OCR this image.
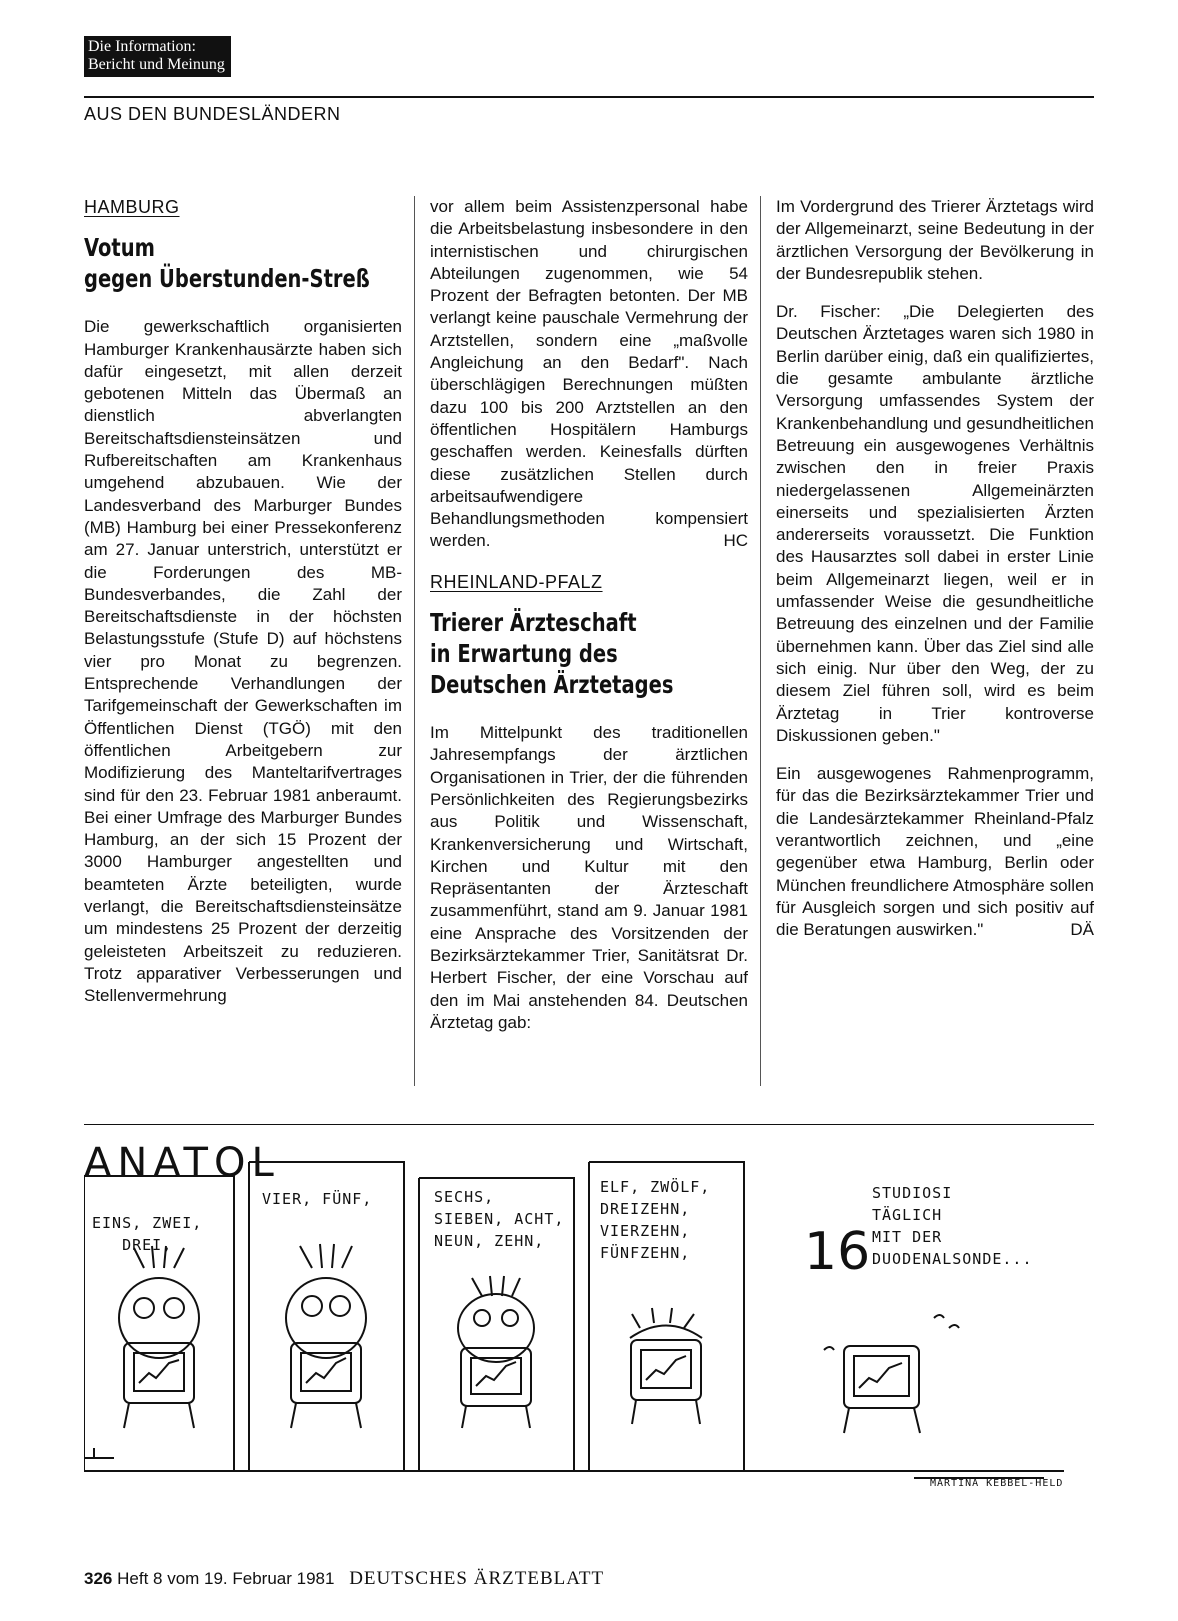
Die Information:
Bericht und Meinung
AUS DEN BUNDESLÄNDERN
HAMBURG
Votum
gegen Überstunden-Streß

Die gewerkschaftlich organisierten Hamburger Krankenhausärzte haben sich dafür eingesetzt, mit allen derzeit gebotenen Mitteln das Übermaß an dienstlich abverlangten Bereitschaftsdiensteinsätzen und Rufbereitschaften am Krankenhaus umgehend abzubauen. Wie der Landesverband des Marburger Bundes (MB) Hamburg bei einer Pressekonferenz am 27. Januar unterstrich, unterstützt er die Forderungen des MB-Bundesverbandes, die Zahl der Bereitschaftsdienste in der höchsten Belastungsstufe (Stufe D) auf höchstens vier pro Monat zu begrenzen. Entsprechende Verhandlungen der Tarifgemeinschaft der Gewerkschaften im Öffentlichen Dienst (TGÖ) mit den öffentlichen Arbeitgebern zur Modifizierung des Manteltarifvertrages sind für den 23. Februar 1981 anberaumt. Bei einer Umfrage des Marburger Bundes Hamburg, an der sich 15 Prozent der 3000 Hamburger angestellten und beamteten Ärzte beteiligten, wurde verlangt, die Bereitschaftsdiensteinsätze um mindestens 25 Prozent der derzeitig geleisteten Arbeitszeit zu reduzieren. Trotz apparativer Verbesserungen und Stellenvermehrung

vor allem beim Assistenzpersonal habe die Arbeitsbelastung insbesondere in den internistischen und chirurgischen Abteilungen zugenommen, wie 54 Prozent der Befragten betonten. Der MB verlangt keine pauschale Vermehrung der Arztstellen, sondern eine „maßvolle Angleichung an den Bedarf". Nach überschlägigen Berechnungen müßten dazu 100 bis 200 Arztstellen an den öffentlichen Hospitälern Hamburgs geschaffen werden. Keinesfalls dürften diese zusätzlichen Stellen durch arbeitsaufwendigere Behandlungsmethoden kompensiert werden.	HC

RHEINLAND-PFALZ
Trierer Ärzteschaft
in Erwartung des
Deutschen Ärztetages

Im Mittelpunkt des traditionellen Jahresempfangs der ärztlichen Organisationen in Trier, der die führenden Persönlichkeiten des Regierungsbezirks aus Politik und Wissenschaft, Krankenversicherung und Wirtschaft, Kirchen und Kultur mit den Repräsentanten der Ärzteschaft zusammenführt, stand am 9. Januar 1981 eine Ansprache des Vorsitzenden der Bezirksärztekammer Trier, Sanitätsrat Dr. Herbert Fischer, der eine Vorschau auf den im Mai anstehenden 84. Deutschen Ärztetag gab:

Im Vordergrund des Trierer Ärztetags wird der Allgemeinarzt, seine Bedeutung in der ärztlichen Versorgung der Bevölkerung in der Bundesrepublik stehen.

Dr. Fischer: „Die Delegierten des Deutschen Ärztetages waren sich 1980 in Berlin darüber einig, daß ein qualifiziertes, die gesamte ambulante ärztliche Versorgung umfassendes System der Krankenbehandlung und gesundheitlichen Betreuung ein ausgewogenes Verhältnis zwischen den in freier Praxis niedergelassenen Allgemeinärzten einerseits und spezialisierten Ärzten andererseits voraussetzt. Die Funktion des Hausarztes soll dabei in erster Linie beim Allgemeinarzt liegen, weil er in umfassender Weise die gesundheitliche Betreuung des einzelnen und der Familie übernehmen kann. Über das Ziel sind alle sich einig. Nur über den Weg, der zu diesem Ziel führen soll, wird es beim Ärztetag in Trier kontroverse Diskussionen geben."

Ein ausgewogenes Rahmenprogramm, für das die Bezirksärztekammer Trier und die Landesärztekammer Rheinland-Pfalz verantwortlich zeichnen, und „eine gegenüber etwa Hamburg, Berlin oder München freundlichere Atmosphäre sollen für Ausgleich sorgen und sich positiv auf die Beratungen auswirken."	DÄ

ANATOL
EINS, ZWEI,
DREI,
VIER, FÜNF,	SECHS,
SIEBEN, ACHT,
NEUN, ZEHN,
ELF, ZWÖLF,
DREIZEHN,
VIERZEHN,
FÜNFZEHN,	16
STUDIOSI
TÄGLICH
MIT DER
DUODENALSONDE...
MARTINA KEBBEL-HELD
326 Heft 8 vom 19. Februar 1981 DEUTSCHES ÄRZTEBLATT
